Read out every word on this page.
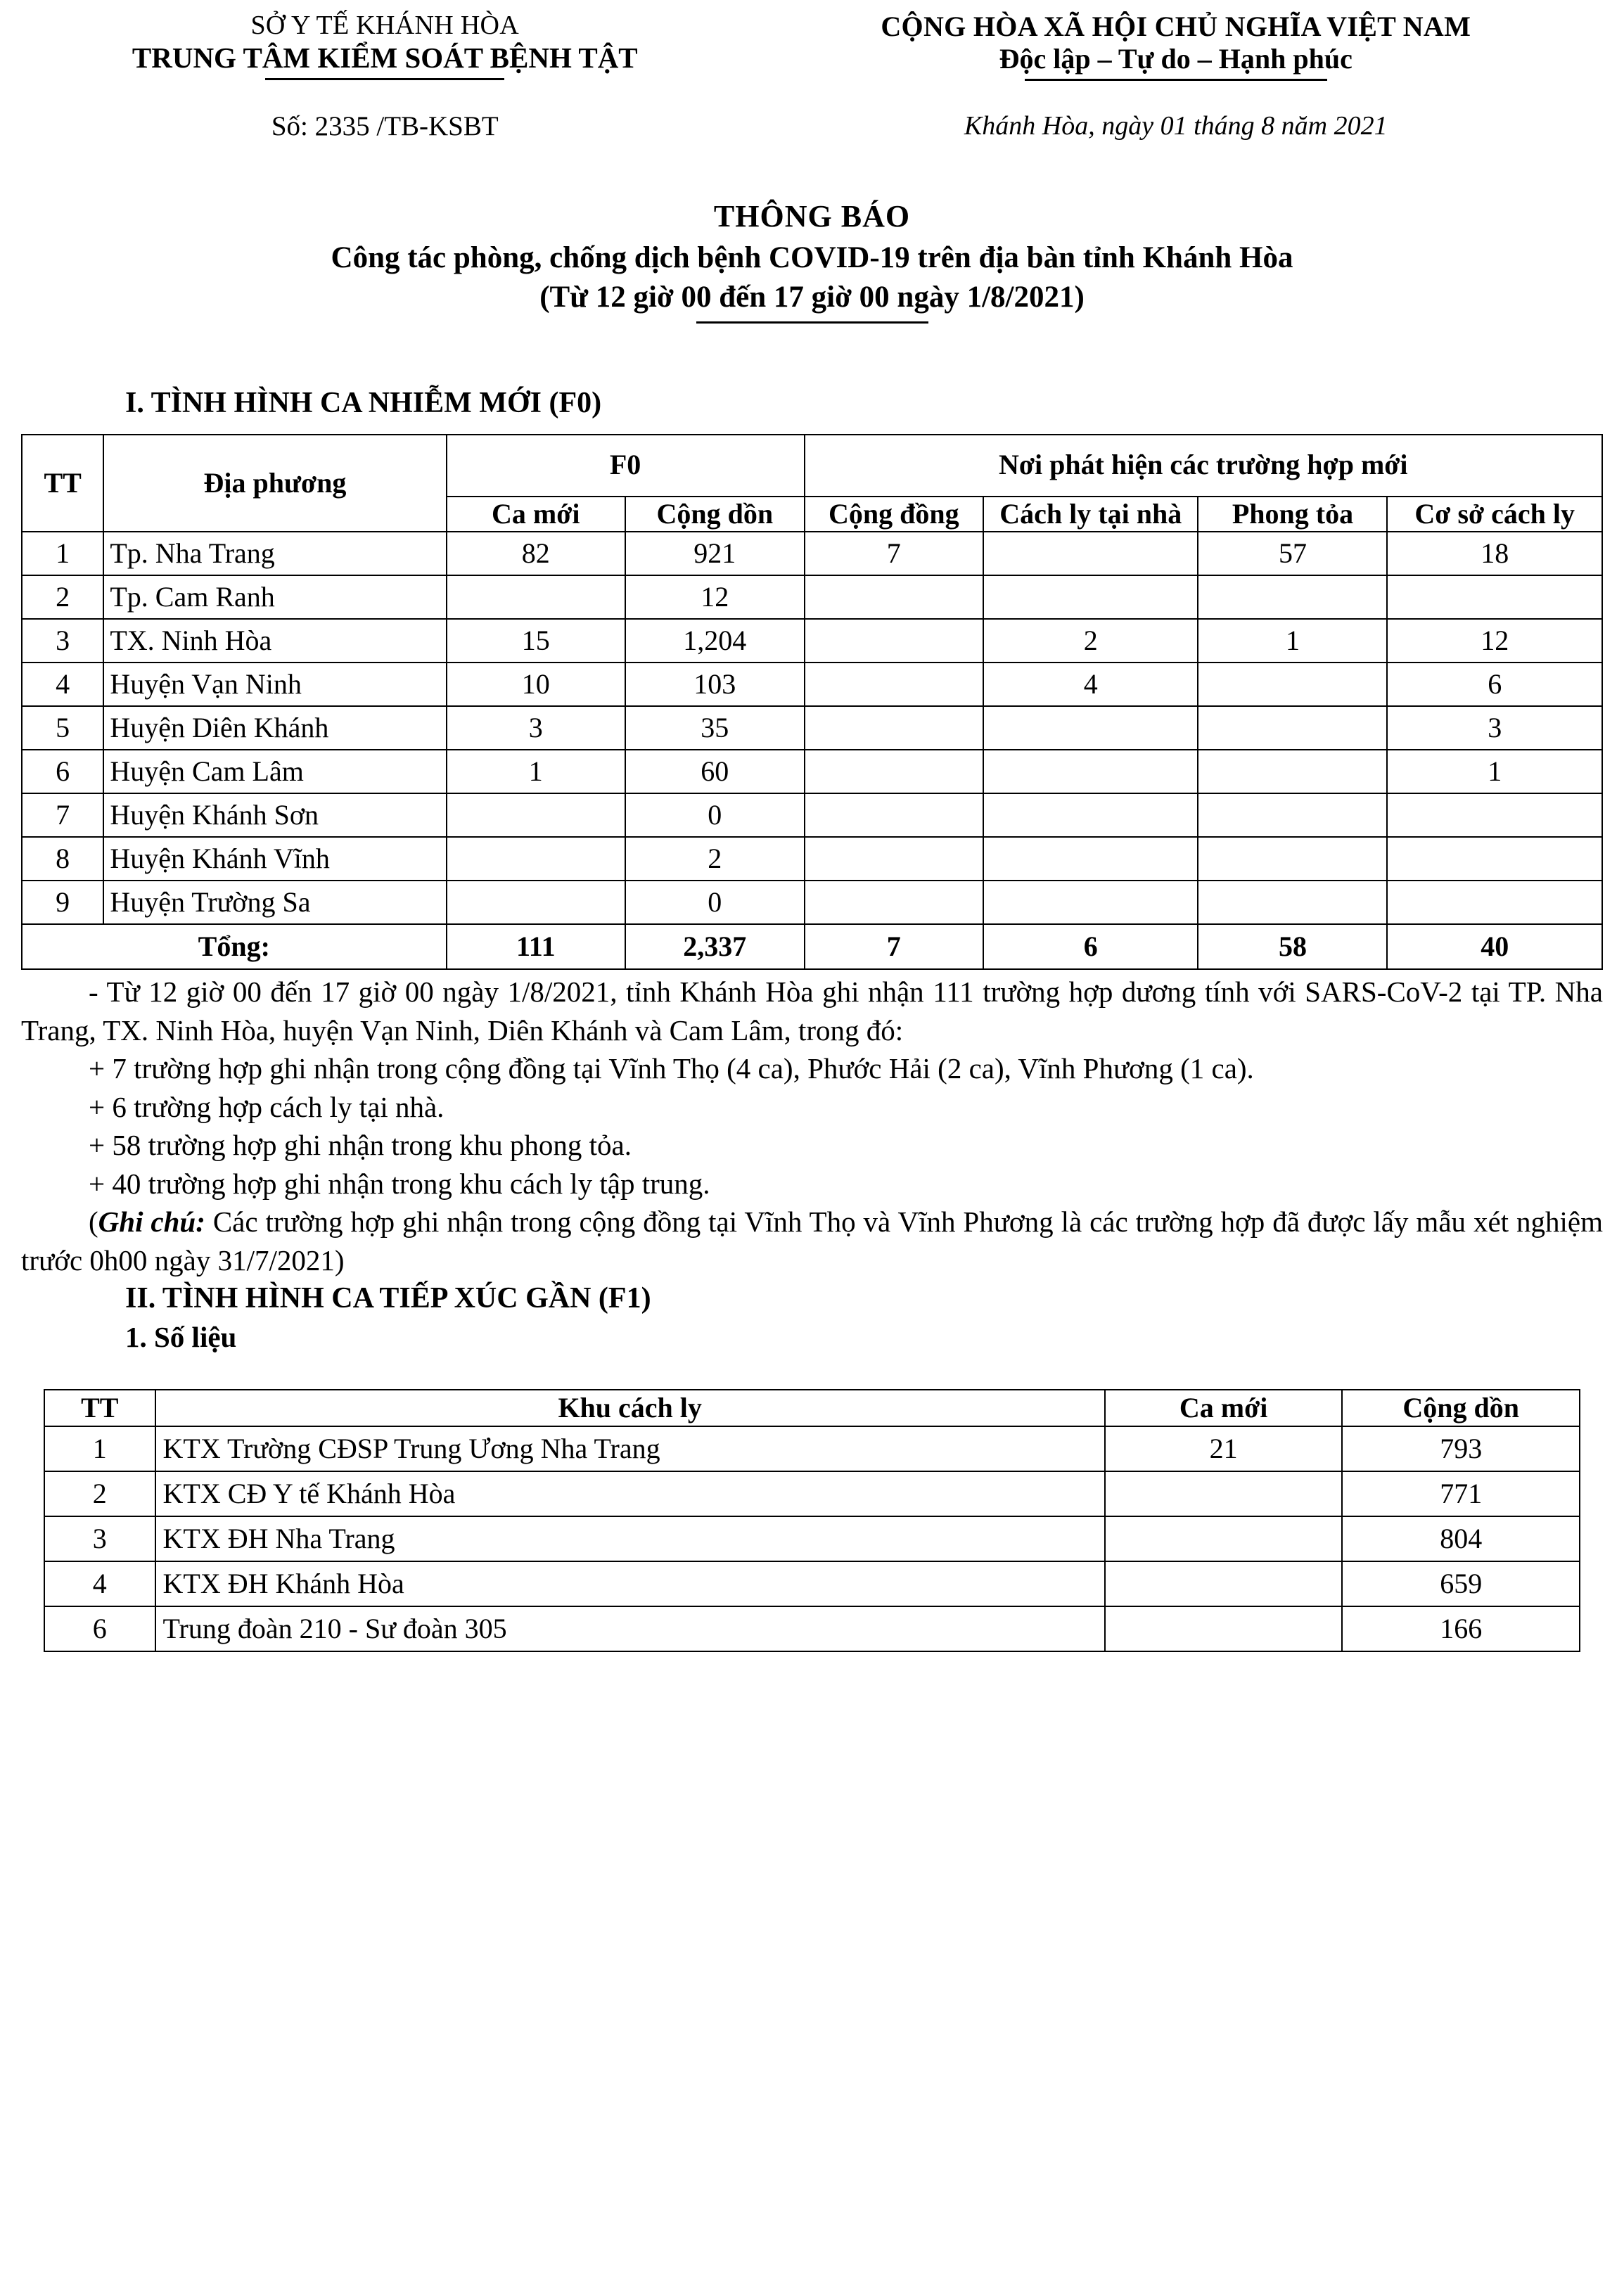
SỞ Y TẾ KHÁNH HÒA
TRUNG TÂM KIỂM SOÁT BỆNH TẬT
CỘNG HÒA XÃ HỘI CHỦ NGHĨA VIỆT NAM
Độc lập – Tự do – Hạnh phúc
Số: 2335 /TB-KSBT	Khánh Hòa, ngày 01 tháng 8 năm 2021
THÔNG BÁO
Công tác phòng, chống dịch bệnh COVID-19 trên địa bàn tỉnh Khánh Hòa
(Từ 12 giờ 00 đến 17 giờ 00 ngày 1/8/2021)
I. TÌNH HÌNH CA NHIỄM MỚI (F0)
TT	Địa phương	F0		Nơi phát hiện các trường hợp mới			
		Ca mới	Cộng dồn	Cộng đồng	Cách ly tại nhà	Phong tỏa	Cơ sở cách ly
1	Tp. Nha Trang	82	921	7		57	18
2	Tp. Cam Ranh		12				
3	TX. Ninh Hòa	15	1,204		2	1	12
4	Huyện Vạn Ninh	10	103		4		6
5	Huyện Diên Khánh	3	35				3
6	Huyện Cam Lâm	1	60				1
7	Huyện Khánh Sơn		0				
8	Huyện Khánh Vĩnh		2				
9	Huyện Trường Sa		0				
Tổng:		111	2,337	7	6	58	40

- Từ 12 giờ 00 đến 17 giờ 00 ngày 1/8/2021, tỉnh Khánh Hòa ghi nhận 111 trường hợp dương tính với SARS-CoV-2 tại TP. Nha Trang, TX. Ninh Hòa, huyện Vạn Ninh, Diên Khánh và Cam Lâm, trong đó:

+ 7 trường hợp ghi nhận trong cộng đồng tại Vĩnh Thọ (4 ca), Phước Hải (2 ca), Vĩnh Phương (1 ca).

+ 6 trường hợp cách ly tại nhà.

+ 58 trường hợp ghi nhận trong khu phong tỏa.

+ 40 trường hợp ghi nhận trong khu cách ly tập trung.

(Ghi chú: Các trường hợp ghi nhận trong cộng đồng tại Vĩnh Thọ và Vĩnh Phương là các trường hợp đã được lấy mẫu xét nghiệm trước 0h00 ngày 31/7/2021)

II. TÌNH HÌNH CA TIẾP XÚC GẦN (F1)
1. Số liệu
TT	Khu cách ly	Ca mới	Cộng dồn
1	KTX Trường CĐSP Trung Ương Nha Trang	21	793
2	KTX CĐ Y tế Khánh Hòa		771
3	KTX ĐH Nha Trang		804
4	KTX ĐH Khánh Hòa		659
6	Trung đoàn 210 - Sư đoàn 305		166
